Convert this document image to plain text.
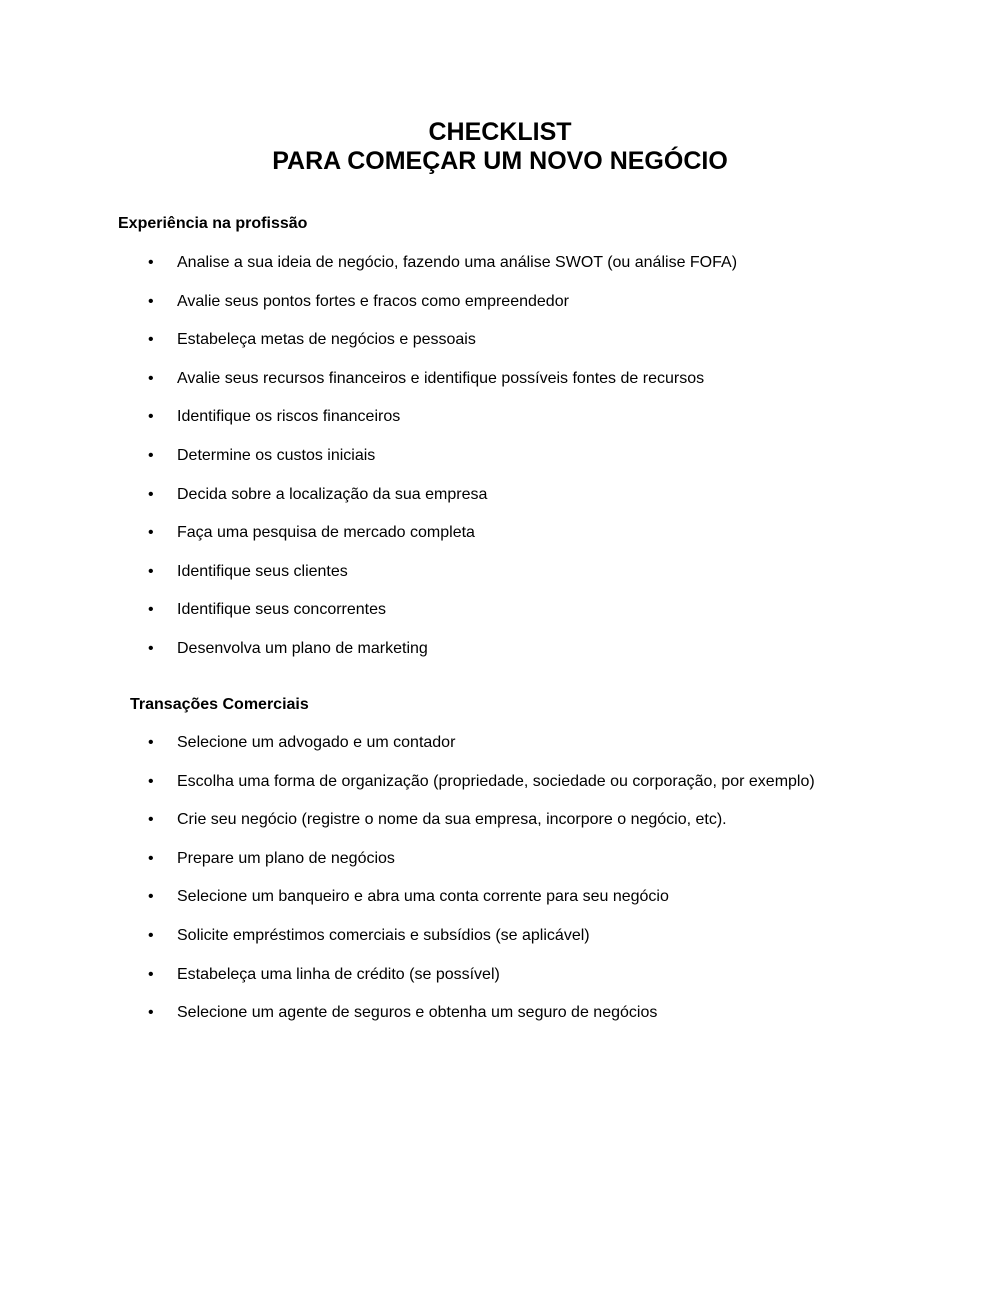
CHECKLIST
PARA COMEÇAR UM NOVO NEGÓCIO
Experiência na profissão
• Analise a sua ideia de negócio, fazendo uma análise SWOT (ou análise FOFA)
• Avalie seus pontos fortes e fracos como empreendedor
• Estabeleça metas de negócios e pessoais
• Avalie seus recursos financeiros e identifique possíveis fontes de recursos
• Identifique os riscos financeiros
• Determine os custos iniciais
• Decida sobre a localização da sua empresa
• Faça uma pesquisa de mercado completa
• Identifique seus clientes
• Identifique seus concorrentes
• Desenvolva um plano de marketing
Transações Comerciais
• Selecione um advogado e um contador
• Escolha uma forma de organização (propriedade, sociedade ou corporação, por exemplo)
• Crie seu negócio (registre o nome da sua empresa, incorpore o negócio, etc).
• Prepare um plano de negócios
• Selecione um banqueiro e abra uma conta corrente para seu negócio
• Solicite empréstimos comerciais e subsídios (se aplicável)
• Estabeleça uma linha de crédito (se possível)
• Selecione um agente de seguros e obtenha um seguro de negócios
